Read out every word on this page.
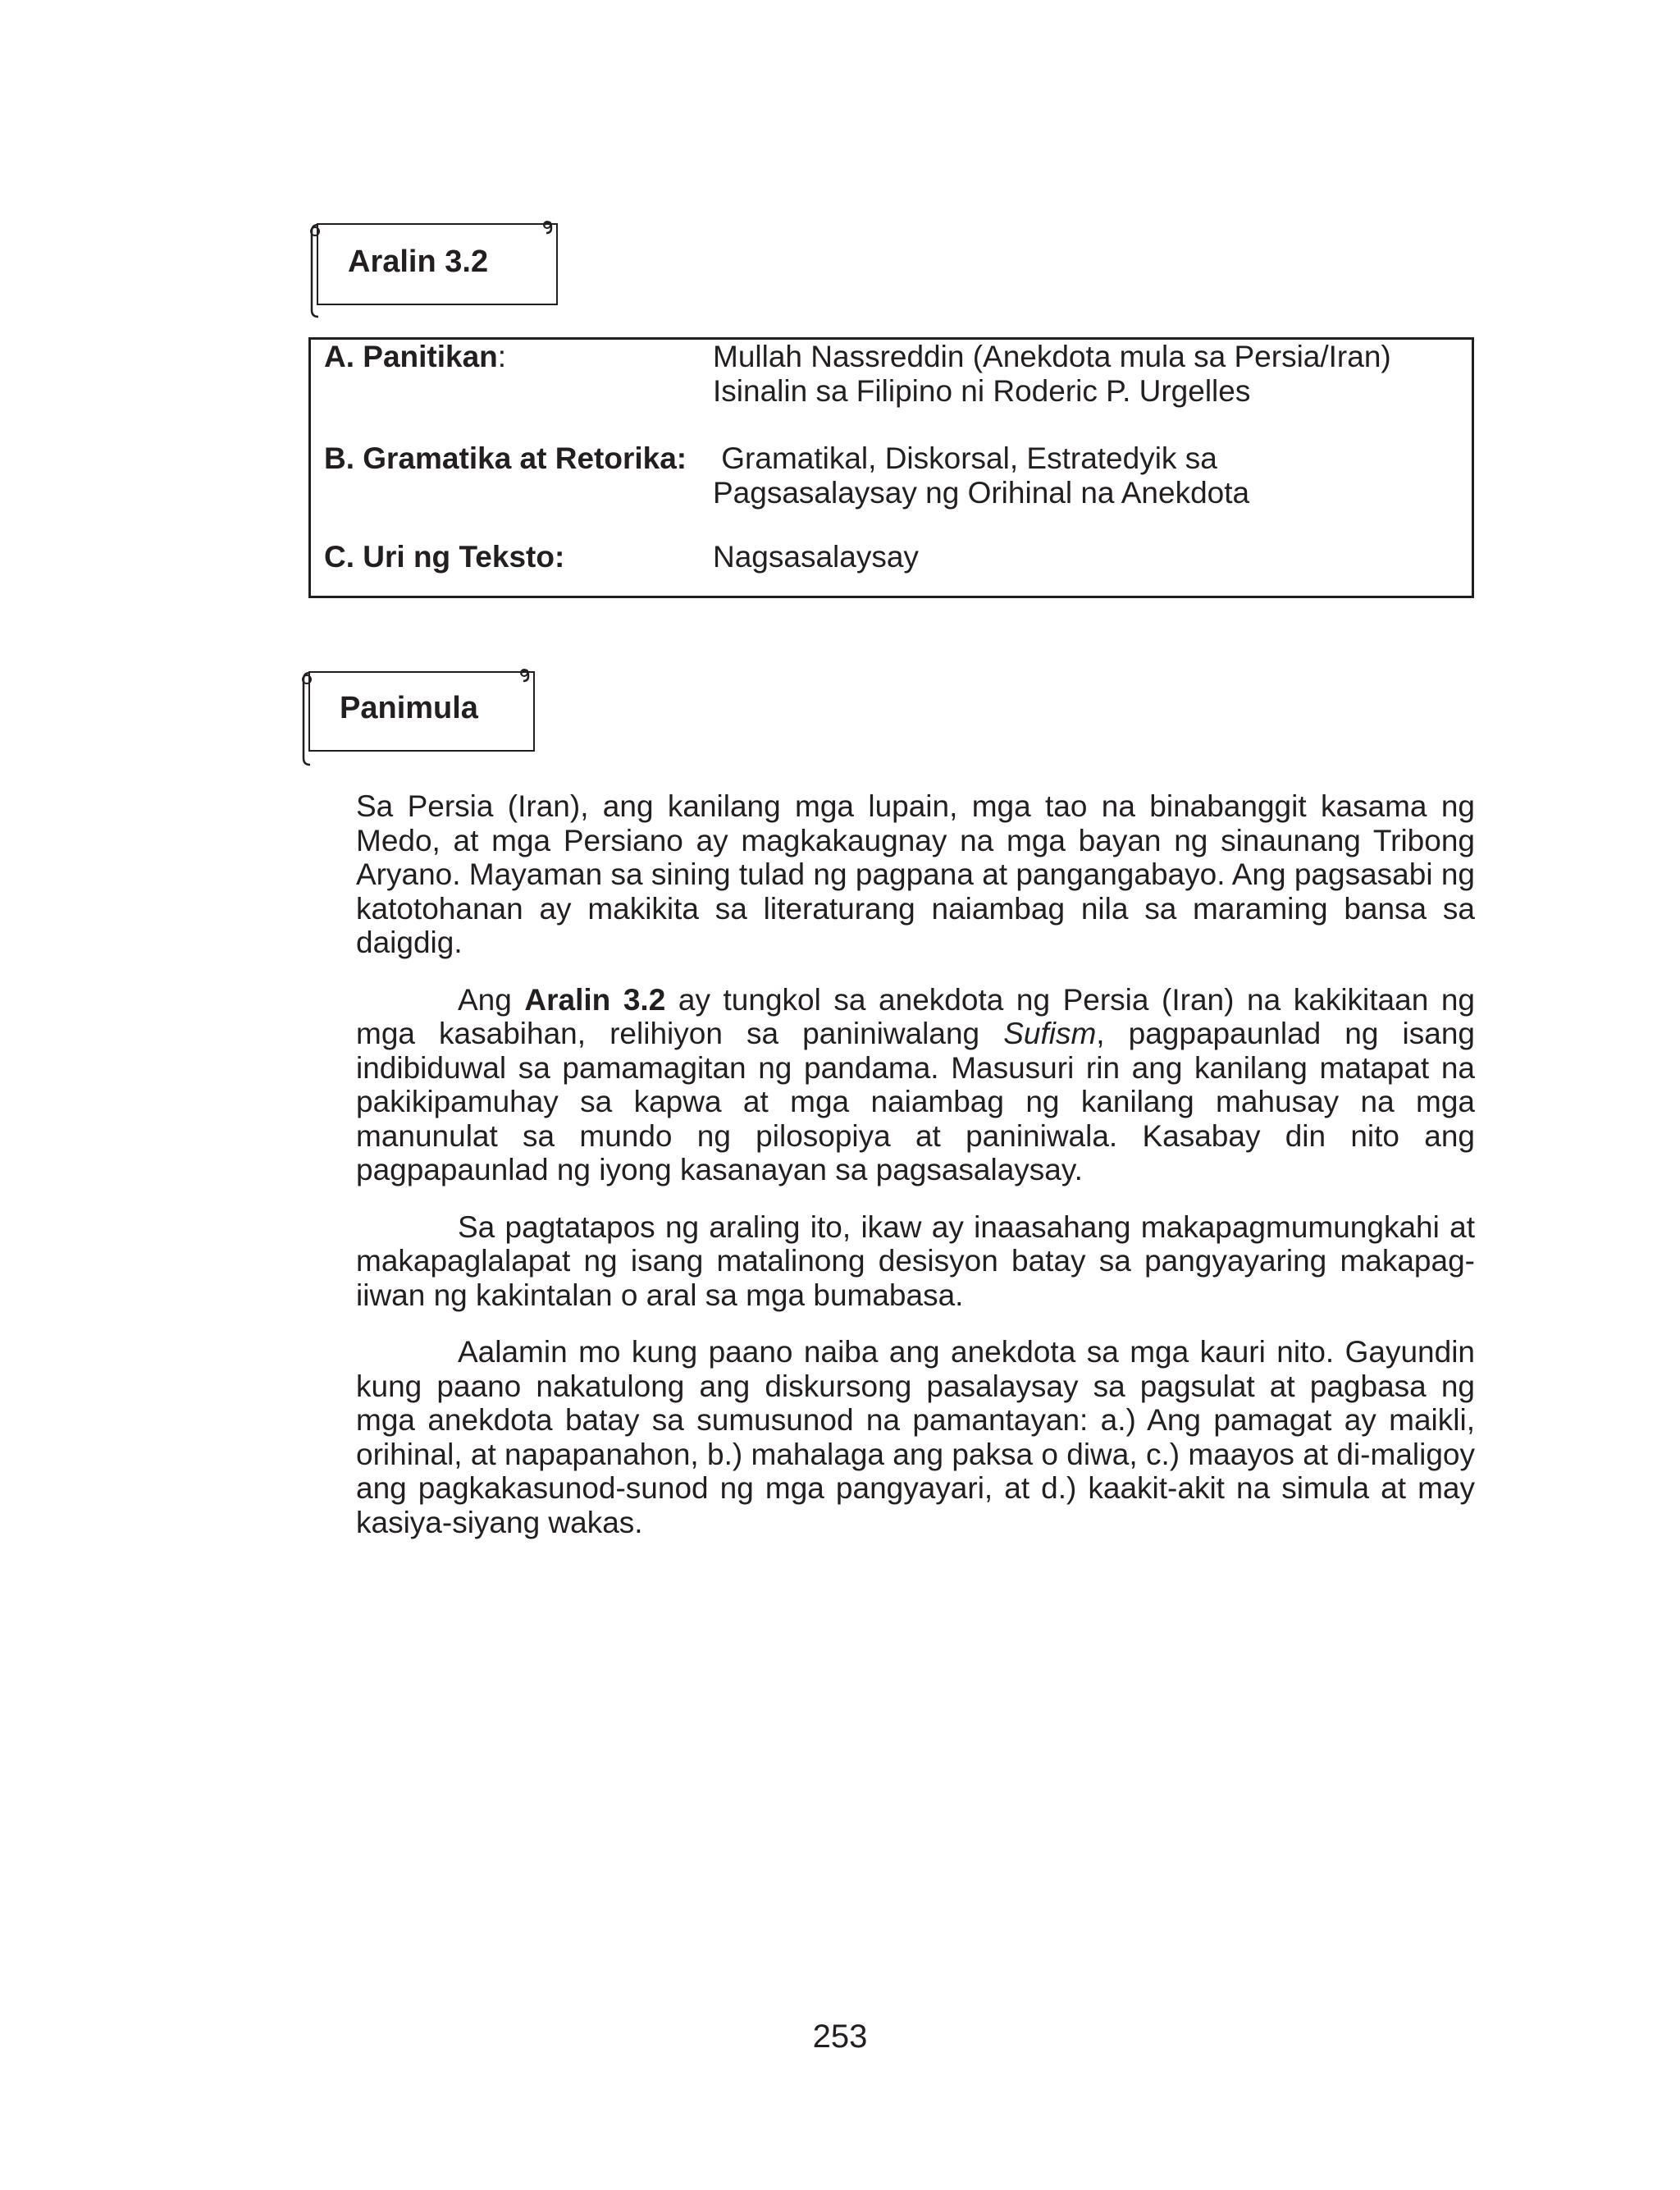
Aralin 3.2
A. Panitikan:	Mullah Nassreddin (Anekdota mula sa Persia/Iran)
Isinalin sa Filipino ni Roderic P. Urgelles
B. Gramatika at Retorika: Gramatikal, Diskorsal, Estratedyik sa
Pagsasalaysay ng Orihinal na Anekdota
C. Uri ng Teksto:	Nagsasalaysay
Panimula

Sa Persia (Iran), ang kanilang mga lupain, mga tao na binabanggit kasama ng Medo, at mga Persiano ay magkakaugnay na mga bayan ng sinaunang Tribong Aryano. Mayaman sa sining tulad ng pagpana at pangangabayo. Ang pagsasabi ng katotohanan ay makikita sa literaturang naiambag nila sa maraming bansa sa daigdig.

Ang Aralin 3.2 ay tungkol sa anekdota ng Persia (Iran) na kakikitaan ng mga kasabihan, relihiyon sa paniniwalang Sufism, pagpapaunlad ng isang indibiduwal sa pamamagitan ng pandama. Masusuri rin ang kanilang matapat na pakikipamuhay sa kapwa at mga naiambag ng kanilang mahusay na mga manunulat sa mundo ng pilosopiya at paniniwala. Kasabay din nito ang pagpapaunlad ng iyong kasanayan sa pagsasalaysay.

Sa pagtatapos ng araling ito, ikaw ay inaasahang makapagmumungkahi at makapaglalapat ng isang matalinong desisyon batay sa pangyayaring makapag-iiwan ng kakintalan o aral sa mga bumabasa.

Aalamin mo kung paano naiba ang anekdota sa mga kauri nito. Gayundin kung paano nakatulong ang diskursong pasalaysay sa pagsulat at pagbasa ng mga anekdota batay sa sumusunod na pamantayan: a.) Ang pamagat ay maikli, orihinal, at napapanahon, b.) mahalaga ang paksa o diwa, c.) maayos at di-maligoy ang pagkakasunod-sunod ng mga pangyayari, at d.) kaakit-akit na simula at may kasiya-siyang wakas.

253
